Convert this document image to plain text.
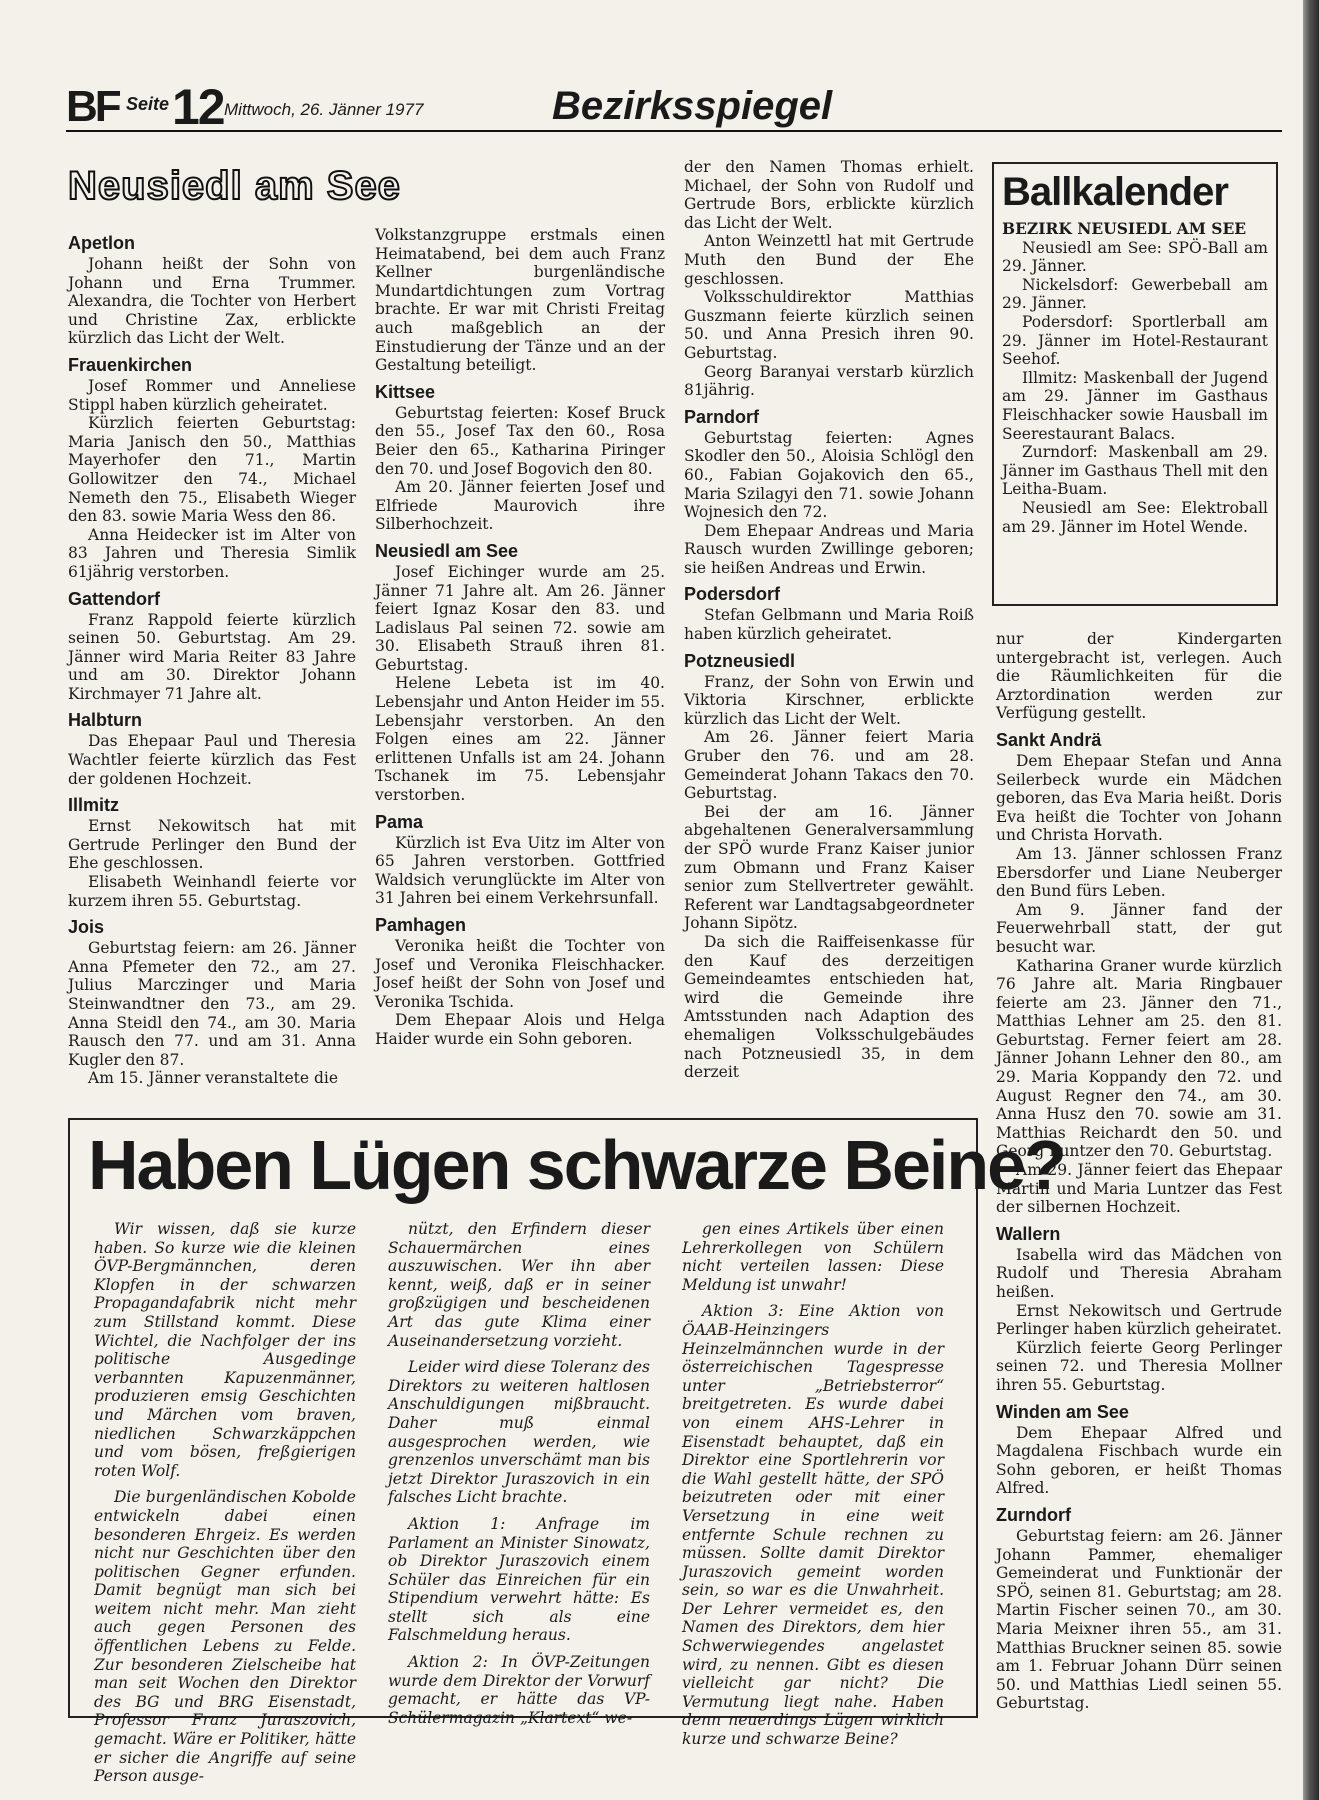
BF Seite 12 Mittwoch, 26. Jänner 1977	Bezirksspiegel
Neusiedl am See
Apetlon

Johann heißt der Sohn von Johann und Erna Trummer. Alexandra, die Tochter von Herbert und Christine Zax, erblickte kürzlich das Licht der Welt.

Frauenkirchen

Josef Rommer und Anneliese Stippl haben kürzlich geheiratet.

Kürzlich feierten Geburtstag: Maria Janisch den 50., Matthias Mayerhofer den 71., Martin Gollowitzer den 74., Michael Nemeth den 75., Elisabeth Wieger den 83. sowie Maria Wess den 86.

Anna Heidecker ist im Alter von 83 Jahren und Theresia Simlik 61jährig verstorben.

Gattendorf

Franz Rappold feierte kürzlich seinen 50. Geburtstag. Am 29. Jänner wird Maria Reiter 83 Jahre und am 30. Direktor Johann Kirchmayer 71 Jahre alt.

Halbturn

Das Ehepaar Paul und Theresia Wachtler feierte kürzlich das Fest der goldenen Hochzeit.

Illmitz

Ernst Nekowitsch hat mit Gertrude Perlinger den Bund der Ehe geschlossen.

Elisabeth Weinhandl feierte vor kurzem ihren 55. Geburtstag.

Jois

Geburtstag feiern: am 26. Jänner Anna Pfemeter den 72., am 27. Julius Marczinger und Maria Steinwandtner den 73., am 29. Anna Steidl den 74., am 30. Maria Rausch den 77. und am 31. Anna Kugler den 87.

Am 15. Jänner veranstaltete die

Volkstanzgruppe erstmals einen Heimatabend, bei dem auch Franz Kellner burgenländische Mundartdichtungen zum Vortrag brachte. Er war mit Christi Freitag auch maßgeblich an der Einstudierung der Tänze und an der Gestaltung beteiligt.

Kittsee

Geburtstag feierten: Kosef Bruck den 55., Josef Tax den 60., Rosa Beier den 65., Katharina Piringer den 70. und Josef Bogovich den 80.

Am 20. Jänner feierten Josef und Elfriede Maurovich ihre Silberhochzeit.

Neusiedl am See

Josef Eichinger wurde am 25. Jänner 71 Jahre alt. Am 26. Jänner feiert Ignaz Kosar den 83. und Ladislaus Pal seinen 72. sowie am 30. Elisabeth Strauß ihren 81. Geburtstag.

Helene Lebeta ist im 40. Lebensjahr und Anton Heider im 55. Lebensjahr verstorben. An den Folgen eines am 22. Jänner erlittenen Unfalls ist am 24. Johann Tschanek im 75. Lebensjahr verstorben.

Pama

Kürzlich ist Eva Uitz im Alter von 65 Jahren verstorben. Gottfried Waldsich verunglückte im Alter von 31 Jahren bei einem Verkehrsunfall.

Pamhagen

Veronika heißt die Tochter von Josef und Veronika Fleischhacker. Josef heißt der Sohn von Josef und Veronika Tschida.

Dem Ehepaar Alois und Helga Haider wurde ein Sohn geboren.

der den Namen Thomas erhielt. Michael, der Sohn von Rudolf und Gertrude Bors, erblickte kürzlich das Licht der Welt.

Anton Weinzettl hat mit Gertrude Muth den Bund der Ehe geschlossen.

Volksschuldirektor Matthias Guszmann feierte kürzlich seinen 50. und Anna Presich ihren 90. Geburtstag.

Georg Baranyai verstarb kürzlich 81jährig.

Parndorf

Geburtstag feierten: Agnes Skodler den 50., Aloisia Schlögl den 60., Fabian Gojakovich den 65., Maria Szilagyi den 71. sowie Johann Wojnesich den 72.

Dem Ehepaar Andreas und Maria Rausch wurden Zwillinge geboren; sie heißen Andreas und Erwin.

Podersdorf

Stefan Gelbmann und Maria Roiß haben kürzlich geheiratet.

Potzneusiedl

Franz, der Sohn von Erwin und Viktoria Kirschner, erblickte kürzlich das Licht der Welt.

Am 26. Jänner feiert Maria Gruber den 76. und am 28. Gemeinderat Johann Takacs den 70. Geburtstag.

Bei der am 16. Jänner abgehaltenen Generalversammlung der SPÖ wurde Franz Kaiser junior zum Obmann und Franz Kaiser senior zum Stellvertreter gewählt. Referent war Landtagsabgeordneter Johann Sipötz.

Da sich die Raiffeisenkasse für den Kauf des derzeitigen Gemeindeamtes entschieden hat, wird die Gemeinde ihre Amtsstunden nach Adaption des ehemaligen Volksschulgebäudes nach Potzneusiedl 35, in dem derzeit

Ballkalender
BEZIRK NEUSIEDL AM SEE

Neusiedl am See: SPÖ-Ball am 29. Jänner.

Nickelsdorf: Gewerbeball am 29. Jänner.

Podersdorf: Sportlerball am 29. Jänner im Hotel-Restaurant Seehof.

Illmitz: Maskenball der Jugend am 29. Jänner im Gasthaus Fleischhacker sowie Hausball im Seerestaurant Balacs.

Zurndorf: Maskenball am 29. Jänner im Gasthaus Thell mit den Leitha-Buam.

Neusiedl am See: Elektroball am 29. Jänner im Hotel Wende.

nur der Kindergarten untergebracht ist, verlegen. Auch die Räumlichkeiten für die Arztordination werden zur Verfügung gestellt.

Sankt Andrä

Dem Ehepaar Stefan und Anna Seilerbeck wurde ein Mädchen geboren, das Eva Maria heißt. Doris Eva heißt die Tochter von Johann und Christa Horvath.

Am 13. Jänner schlossen Franz Ebersdorfer und Liane Neuberger den Bund fürs Leben.

Am 9. Jänner fand der Feuerwehrball statt, der gut besucht war.

Katharina Graner wurde kürzlich 76 Jahre alt. Maria Ringbauer feierte am 23. Jänner den 71., Matthias Lehner am 25. den 81. Geburtstag. Ferner feiert am 28. Jänner Johann Lehner den 80., am 29. Maria Koppandy den 72. und August Regner den 74., am 30. Anna Husz den 70. sowie am 31. Matthias Reichardt den 50. und Georg Luntzer den 70. Geburtstag.

Am 29. Jänner feiert das Ehepaar Martin und Maria Luntzer das Fest der silbernen Hochzeit.

Wallern

Isabella wird das Mädchen von Rudolf und Theresia Abraham heißen.

Ernst Nekowitsch und Gertrude Perlinger haben kürzlich geheiratet.

Kürzlich feierte Georg Perlinger seinen 72. und Theresia Mollner ihren 55. Geburtstag.

Winden am See

Dem Ehepaar Alfred und Magdalena Fischbach wurde ein Sohn geboren, er heißt Thomas Alfred.

Zurndorf

Geburtstag feiern: am 26. Jänner Johann Pammer, ehemaliger Gemeinderat und Funktionär der SPÖ, seinen 81. Geburtstag; am 28. Martin Fischer seinen 70., am 30. Maria Meixner ihren 55., am 31. Matthias Bruckner seinen 85. sowie am 1. Februar Johann Dürr seinen 50. und Matthias Liedl seinen 55. Geburtstag.

Haben Lügen schwarze Beine?

Wir wissen, daß sie kurze haben. So kurze wie die kleinen ÖVP-Bergmännchen, deren Klopfen in der schwarzen Propagandafabrik nicht mehr zum Stillstand kommt. Diese Wichtel, die Nachfolger der ins politische Ausgedinge verbannten Kapuzenmänner, produzieren emsig Geschichten und Märchen vom braven, niedlichen Schwarzkäppchen und vom bösen, freßgierigen roten Wolf.

Die burgenländischen Kobolde entwickeln dabei einen besonderen Ehrgeiz. Es werden nicht nur Geschichten über den politischen Gegner erfunden. Damit begnügt man sich bei weitem nicht mehr. Man zieht auch gegen Personen des öffentlichen Lebens zu Felde. Zur besonderen Zielscheibe hat man seit Wochen den Direktor des BG und BRG Eisenstadt, Professor Franz Juraszovich, gemacht. Wäre er Politiker, hätte er sicher die Angriffe auf seine Person ausge-

nützt, den Erfindern dieser Schauermärchen eines auszuwischen. Wer ihn aber kennt, weiß, daß er in seiner großzügigen und bescheidenen Art das gute Klima einer Auseinandersetzung vorzieht.

Leider wird diese Toleranz des Direktors zu weiteren haltlosen Anschuldigungen mißbraucht. Daher muß einmal ausgesprochen werden, wie grenzenlos unverschämt man bis jetzt Direktor Juraszovich in ein falsches Licht brachte.

Aktion 1: Anfrage im Parlament an Minister Sinowatz, ob Direktor Juraszovich einem Schüler das Einreichen für ein Stipendium verwehrt hätte: Es stellt sich als eine Falschmeldung heraus.

Aktion 2: In ÖVP-Zeitungen wurde dem Direktor der Vorwurf gemacht, er hätte das VP-Schülermagazin „Klartext“ we-

gen eines Artikels über einen Lehrerkollegen von Schülern nicht verteilen lassen: Diese Meldung ist unwahr!

Aktion 3: Eine Aktion von ÖAAB-Heinzingers Heinzelmännchen wurde in der österreichischen Tagespresse unter „Betriebsterror“ breitgetreten. Es wurde dabei von einem AHS-Lehrer in Eisenstadt behauptet, daß ein Direktor eine Sportlehrerin vor die Wahl gestellt hätte, der SPÖ beizutreten oder mit einer Versetzung in eine weit entfernte Schule rechnen zu müssen. Sollte damit Direktor Juraszovich gemeint worden sein, so war es die Unwahrheit. Der Lehrer vermeidet es, den Namen des Direktors, dem hier Schwerwiegendes angelastet wird, zu nennen. Gibt es diesen vielleicht gar nicht? Die Vermutung liegt nahe. Haben denn neuerdings Lügen wirklich kurze und schwarze Beine?
